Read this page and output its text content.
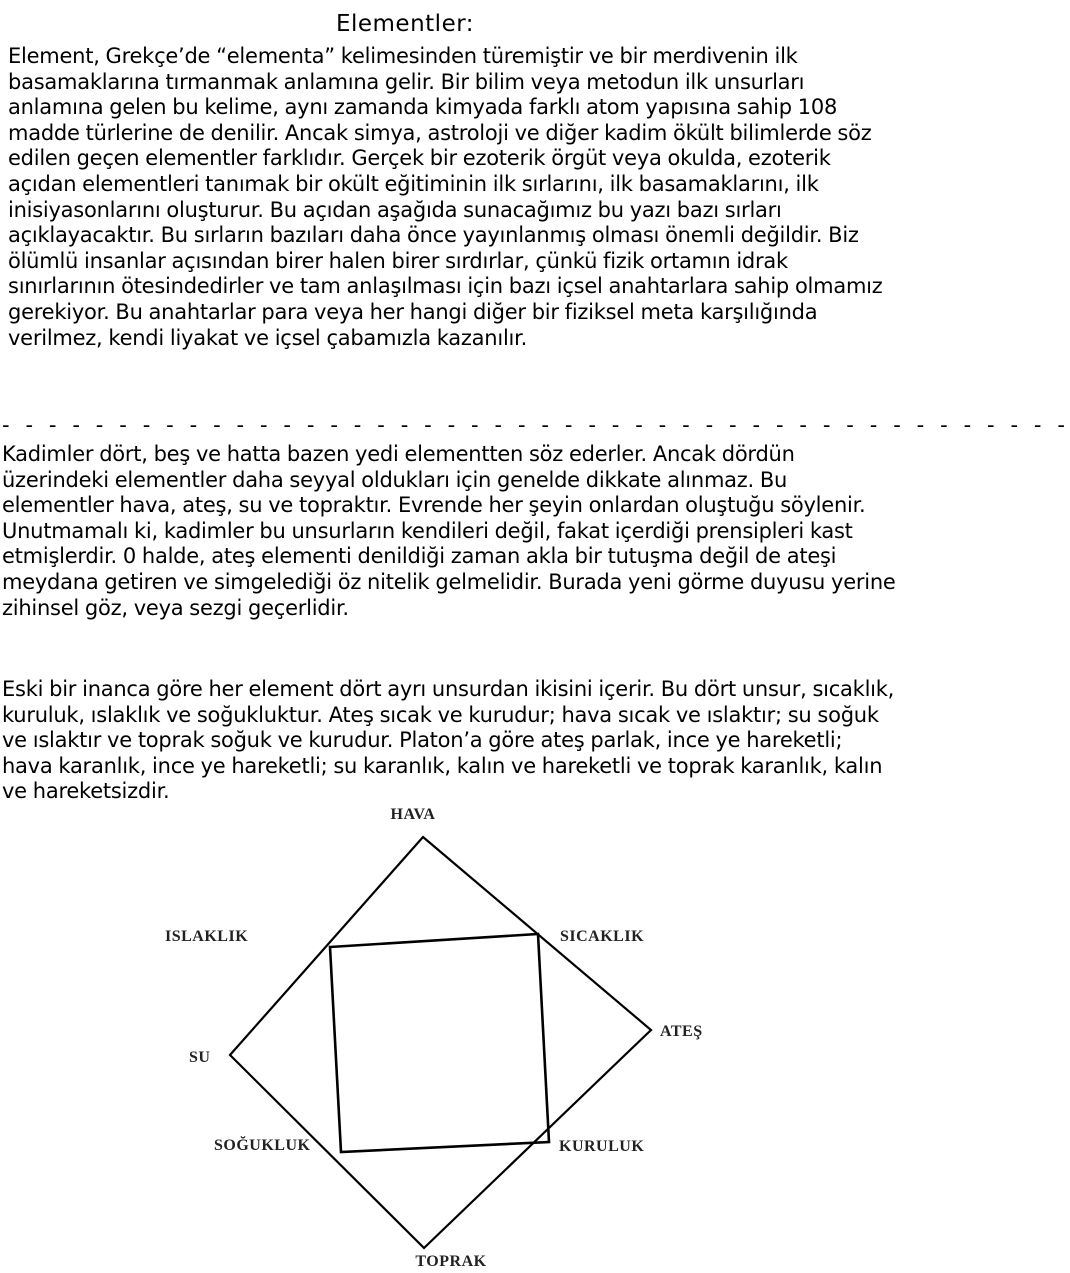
Elementler:

Element, Grekçe’de “elementa” kelimesinden türemiştir ve bir merdivenin ilk basamaklarına tırmanmak anlamına gelir. Bir bilim veya metodun ilk unsurları anlamına gelen bu kelime, aynı zamanda kimyada farklı atom yapısına sahip 108 madde türlerine de denilir. Ancak simya, astroloji ve diğer kadim ökült bilimlerde söz edilen geçen elementler farklıdır. Gerçek bir ezoterik örgüt veya okulda, ezoterik açıdan elementleri tanımak bir okült eğitiminin ilk sırlarını, ilk basamaklarını, ilk inisiyasonlarını oluşturur. Bu açıdan aşağıda sunacağımız bu yazı bazı sırları açıklayacaktır. Bu sırların bazıları daha önce yayınlanmış olması önemli değildir. Biz ölümlü insanlar açısından birer halen birer sırdırlar, çünkü fizik ortamın idrak sınırlarının ötesindedirler ve tam anlaşılması için bazı içsel anahtarlara sahip olmamız gerekiyor. Bu anahtarlar para veya her hangi diğer bir fiziksel meta karşılığında verilmez, kendi liyakat ve içsel çabamızla kazanılır.

- - - - - - - - - - - - - - - - - - - - - - - - - - - - - - - - - - - - - - - - - - - - - -

Kadimler dört, beş ve hatta bazen yedi elementten söz ederler. Ancak dördün üzerindeki elementler daha seyyal oldukları için genelde dikkate alınmaz. Bu elementler hava, ateş, su ve topraktır. Evrende her şeyin onlardan oluştuğu söylenir. Unutmamalı ki, kadimler bu unsurların kendileri değil, fakat içerdiği prensipleri kast etmişlerdir. 0 halde, ateş elementi denildiği zaman akla bir tutuşma değil de ateşi meydana getiren ve simgelediği öz nitelik gelmelidir. Burada yeni görme duyusu yerine zihinsel göz, veya sezgi geçerlidir.

Eski bir inanca göre her element dört ayrı unsurdan ikisini içerir. Bu dört unsur, sıcaklık, kuruluk, ıslaklık ve soğukluktur. Ateş sıcak ve kurudur; hava sıcak ve ıslaktır; su soğuk ve ıslaktır ve toprak soğuk ve kurudur. Platon’a göre ateş parlak, ince ye hareketli; hava karanlık, ince ye hareketli; su karanlık, kalın ve hareketli ve toprak karanlık, kalın ve hareketsizdir.

HAVA
ATEŞ
TOPRAK
SU
ISLAKLIK	SICAKLIK
KURULUK
SOĞUKLUK
